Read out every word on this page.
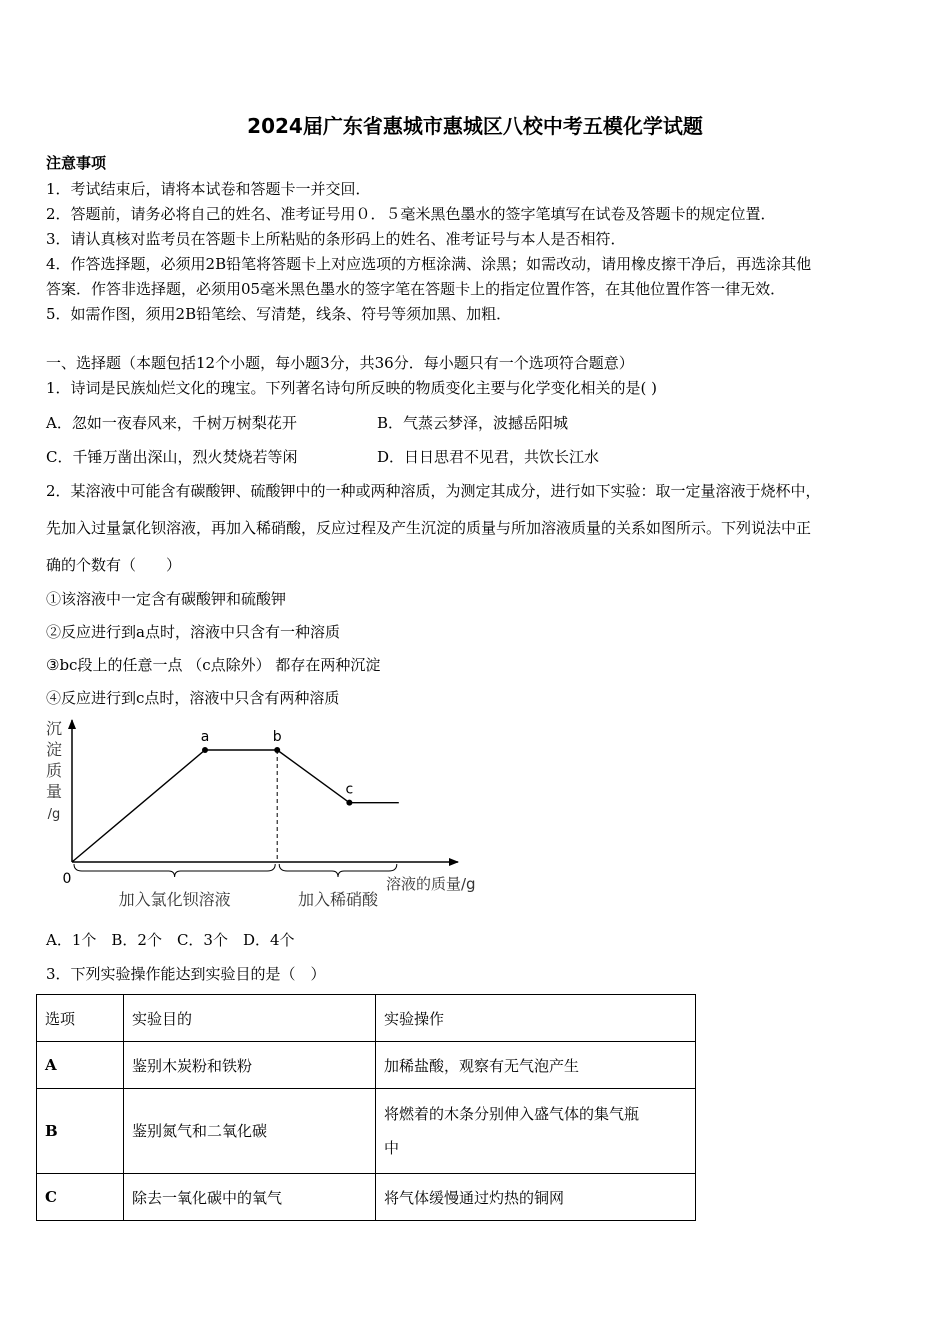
2024届广东省惠城市惠城区八校中考五模化学试题
注意事项
1．考试结束后，请将本试卷和答题卡一并交回．
2．答题前，请务必将自己的姓名、准考证号用０．５毫米黑色墨水的签字笔填写在试卷及答题卡的规定位置．
3．请认真核对监考员在答题卡上所粘贴的条形码上的姓名、准考证号与本人是否相符．
4．作答选择题，必须用2B铅笔将答题卡上对应选项的方框涂满、涂黑；如需改动，请用橡皮擦干净后，再选涂其他
答案．作答非选择题，必须用05毫米黑色墨水的签字笔在答题卡上的指定位置作答，在其他位置作答一律无效．
5．如需作图，须用2B铅笔绘、写清楚，线条、符号等须加黑、加粗．
一、选择题（本题包括12个小题，每小题3分，共36分．每小题只有一个选项符合题意）
1．诗词是民族灿烂文化的瑰宝。下列著名诗句所反映的物质变化主要与化学变化相关的是( )
A．忽如一夜春风来，千树万树梨花开	B．气蒸云梦泽，波撼岳阳城
C．千锤万凿出深山，烈火焚烧若等闲	D．日日思君不见君，共饮长江水
2．某溶液中可能含有碳酸钾、硫酸钾中的一种或两种溶质，为测定其成分，进行如下实验：取一定量溶液于烧杯中，
先加入过量氯化钡溶液，再加入稀硝酸，反应过程及产生沉淀的质量与所加溶液质量的关系如图所示。下列说法中正
确的个数有（　　）
①该溶液中一定含有碳酸钾和硫酸钾
②反应进行到a点时，溶液中只含有一种溶质
③bc段上的任意一点 （c点除外） 都存在两种沉淀
④反应进行到c点时，溶液中只含有两种溶质
沉
淀
质
量
/g
0	溶液的质量/g
a	b
c
加入氯化钡溶液	加入稀硝酸
A．1个　B．2个　C．3个　D．4个
3．下列实验操作能达到实验目的是（　）
选项	实验目的	实验操作
A	鉴别木炭粉和铁粉	加稀盐酸，观察有无气泡产生
B	鉴别氮气和二氧化碳	将燃着的木条分别伸入盛气体的集气瓶
中

C	除去一氧化碳中的氧气	将气体缓慢通过灼热的铜网
